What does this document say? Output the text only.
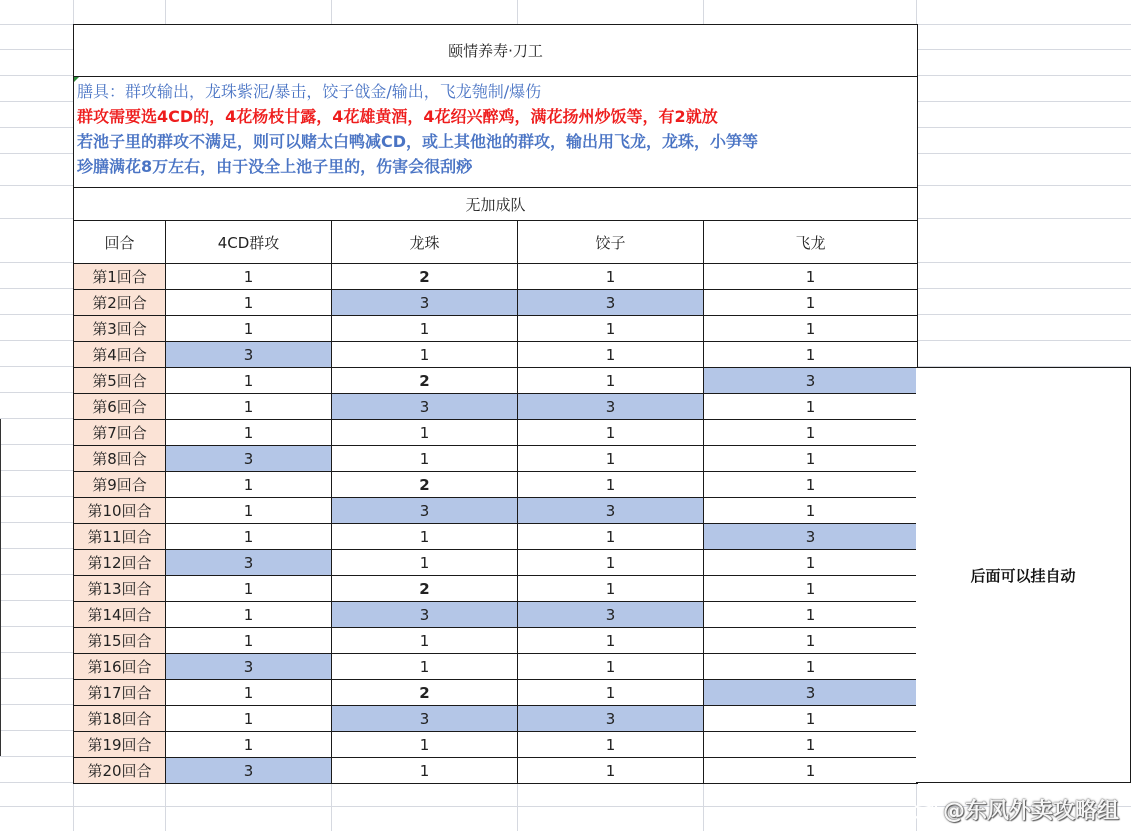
颐情养寿·刀工				

膳具：群攻输出，龙珠紫泥/暴击，饺子戗金/输出，飞龙匏制/爆伤
群攻需要选4CD的，4花杨枝甘露，4花雄黄酒，4花绍兴醉鸡，满花扬州炒饭等，有2就放
若池子里的群攻不满足，则可以赌太白鸭减CD，或上其他池的群攻，输出用飞龙，龙珠，小笋等
珍膳满花8万左右，由于没全上池子里的，伤害会很刮痧				

无加成队				
回合	4CD群攻	龙珠	饺子	飞龙
第1回合	1	2	1	1
第2回合	1	3	3	1
第3回合	1	1	1	1
第4回合	3	1	1	1
第5回合	1	2	1	3
第6回合	1	3	3	1
第7回合	1	1	1	1
第8回合	3	1	1	1
第9回合	1	2	1	1
第10回合	1	3	3	1
第11回合	1	1	1	3
第12回合	3	1	1	1
第13回合	1	2	1	1
第14回合	1	3	3	1
第15回合	1	1	1	1
第16回合	3	1	1	1
第17回合	1	2	1	3
第18回合	1	3	3	1
第19回合	1	1	1	1
第20回合	3	1	1	1
后面可以挂自动
@东风外卖攻略组
